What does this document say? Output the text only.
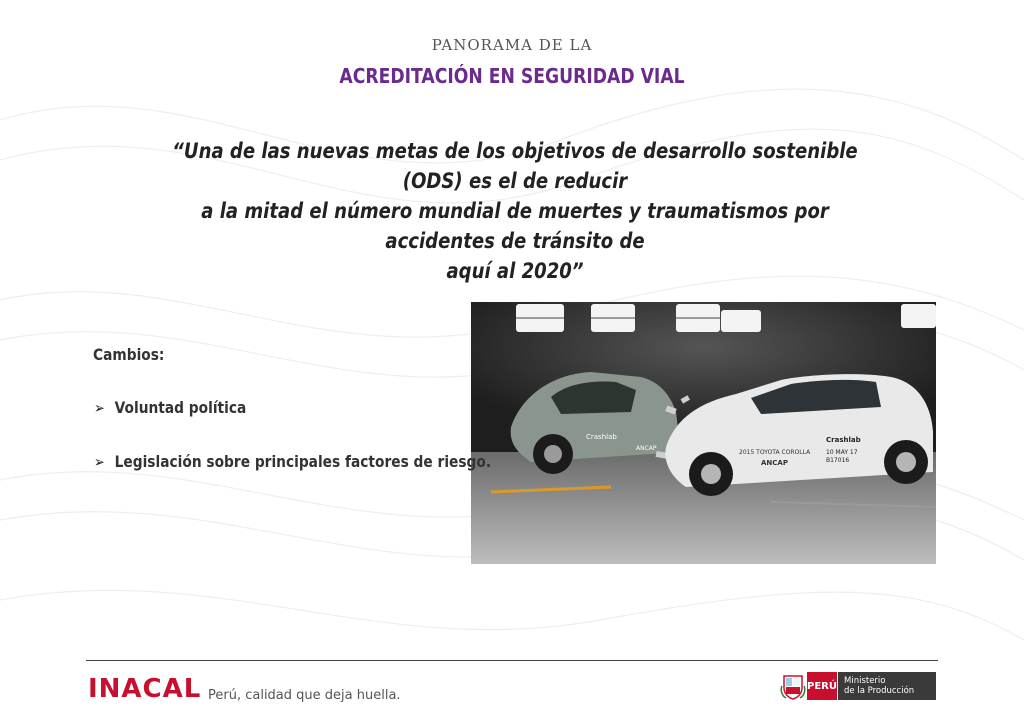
PANORAMA DE LA
ACREDITACIÓN EN SEGURIDAD VIAL
“Una de las nuevas metas de los objetivos de desarrollo sostenible (ODS) es el de reducir
a la mitad el número mundial de muertes y traumatismos por accidentes de tránsito de
aquí al 2020”
Crashlab
ANCAP
2015 TOYOTA COROLLA
ANCAP
Crashlab
10 MAY 17
B17016
Cambios:
➢ Voluntad política
➢ Legislación sobre principales factores de riesgo.
INACAL Perú, calidad que deja huella.
PERÚ Ministerio
de la Producción
